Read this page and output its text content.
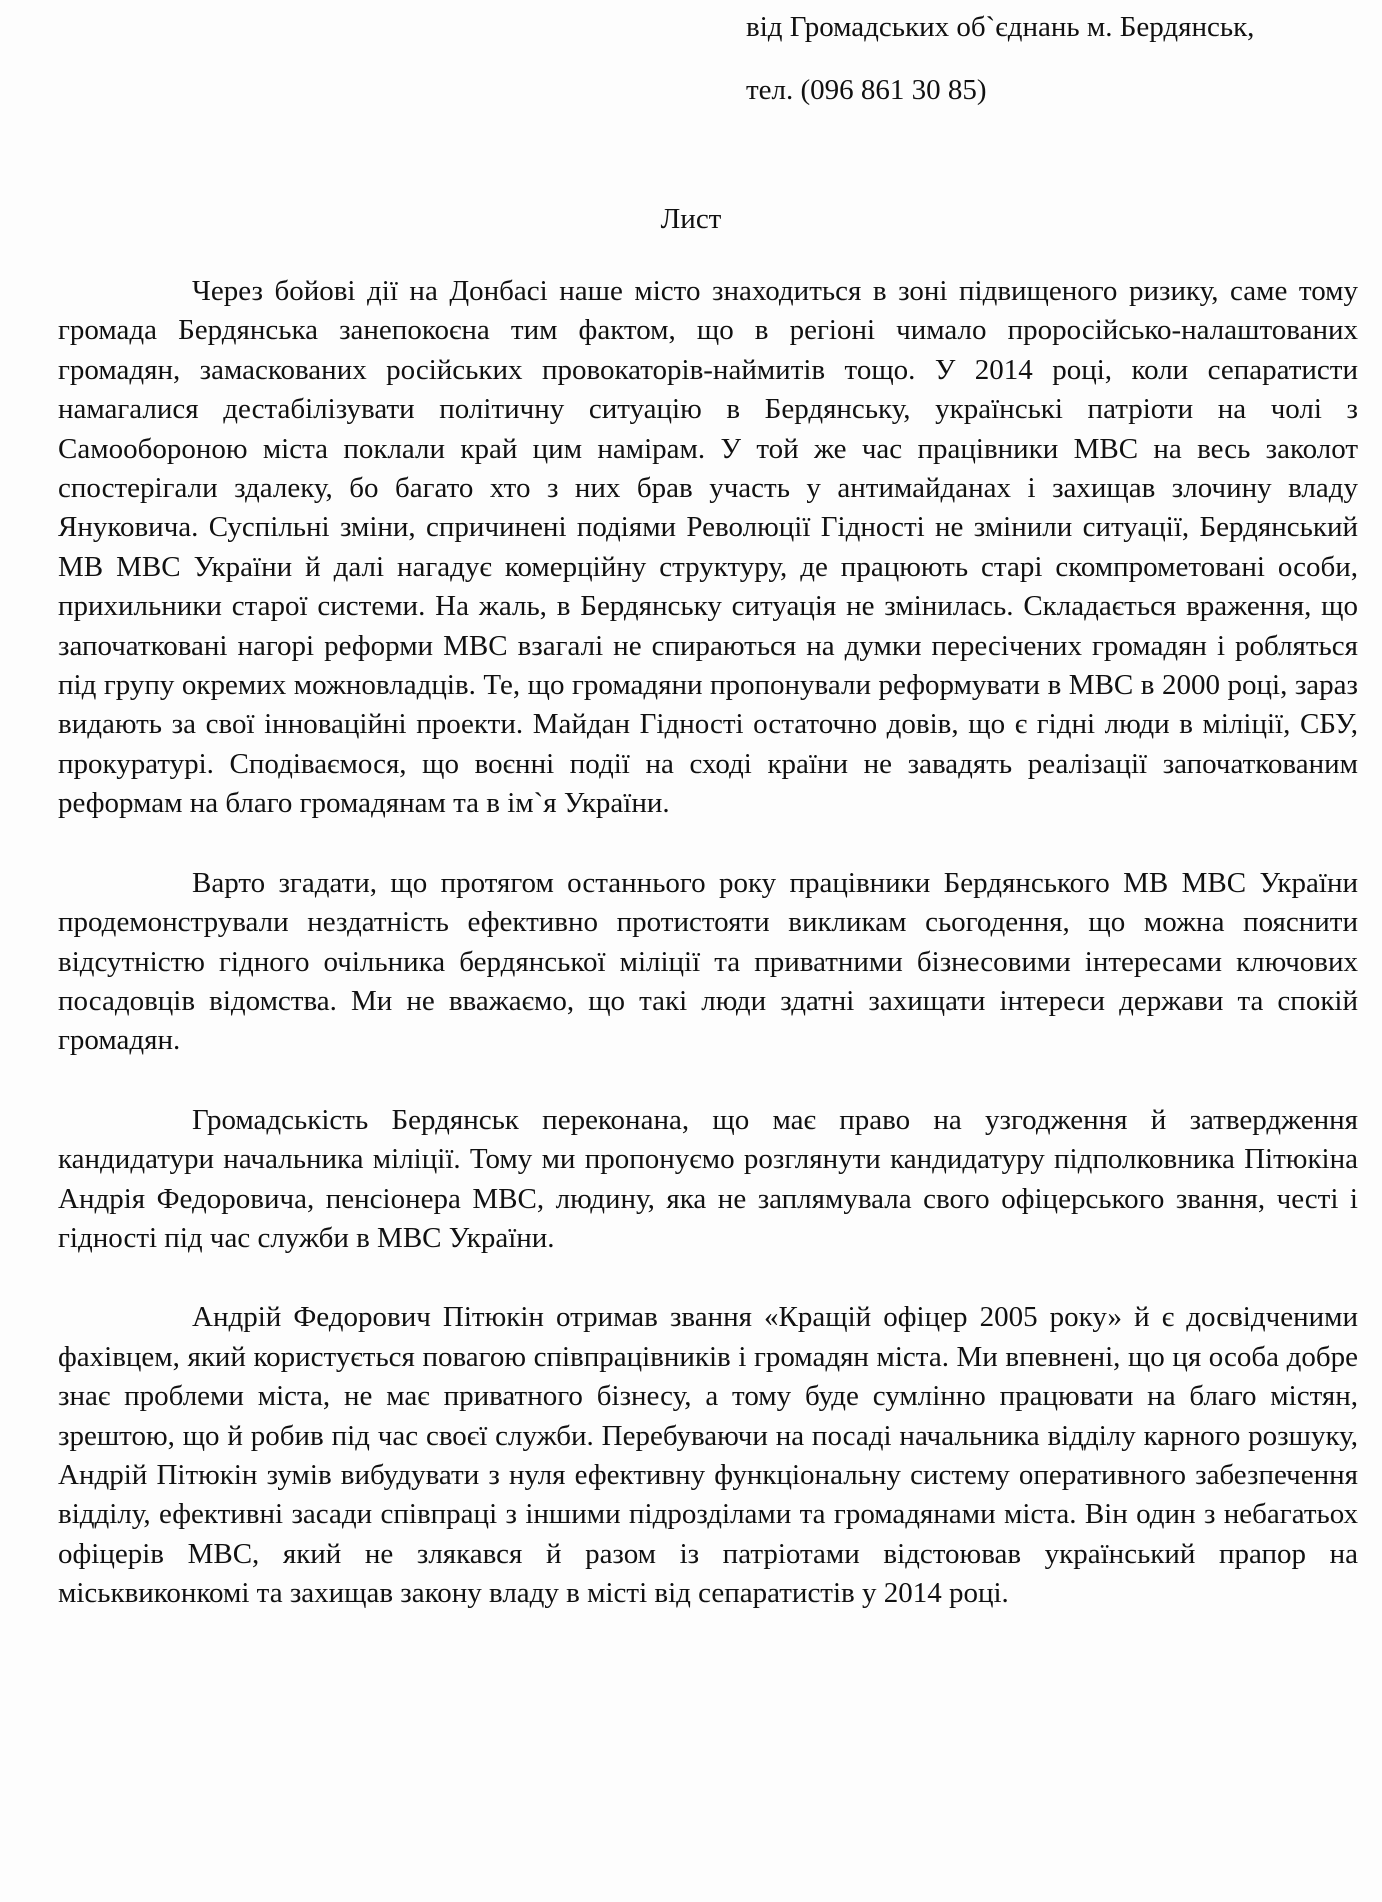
від Громадських об`єднань м. Бердянськ,
тел. (096 861 30 85)
Лист

Через бойові дії на Донбасі наше місто знаходиться в зоні підвищеного ризику, саме тому громада Бердянська занепокоєна тим фактом, що в регіоні чимало проросійсько-налаштованих громадян, замаскованих російських провокаторів-наймитів тощо. У 2014 році, коли сепаратисти намагалися дестабілізувати політичну ситуацію в Бердянську, українські патріоти на чолі з Самообороною міста поклали край цим намірам. У той же час працівники МВС на весь заколот спостерігали здалеку, бо багато хто з них брав участь у антимайданах і захищав злочину владу Януковича. Суспільні зміни, спричинені подіями Революції Гідності не змінили ситуації, Бердянський МВ МВС України й далі нагадує комерційну структуру, де працюють старі скомпрометовані особи, прихильники старої системи. На жаль, в Бердянську ситуація не змінилась. Складається враження, що започатковані нагорі реформи МВС взагалі не спираються на думки пересічених громадян і робляться під групу окремих можновладців. Те, що громадяни пропонували реформувати в МВС в 2000 році, зараз видають за свої інноваційні проекти. Майдан Гідності остаточно довів, що є гідні люди в міліції, СБУ, прокуратурі. Сподіваємося, що воєнні події на сході країни не завадять реалізації започаткованим реформам на благо громадянам та в ім`я України.

Варто згадати, що протягом останнього року працівники Бердянського МВ МВС України продемонстрували нездатність ефективно протистояти викликам сьогодення, що можна пояснити відсутністю гідного очільника бердянської міліції та приватними бізнесовими інтересами ключових посадовців відомства. Ми не вважаємо, що такі люди здатні захищати інтереси держави та спокій громадян.

Громадськість Бердянськ переконана, що має право на узгодження й затвердження кандидатури начальника міліції. Тому ми пропонуємо розглянути кандидатуру підполковника Пітюкіна Андрія Федоровича, пенсіонера МВС, людину, яка не заплямувала свого офіцерського звання, честі і гідності під час служби в МВС України.

Андрій Федорович Пітюкін отримав звання «Кращій офіцер 2005 року» й є досвідченими фахівцем, який користується повагою співпрацівників і громадян міста. Ми впевнені, що ця особа добре знає проблеми міста, не має приватного бізнесу, а тому буде сумлінно працювати на благо містян, зрештою, що й робив під час своєї служби. Перебуваючи на посаді начальника відділу карного розшуку, Андрій Пітюкін зумів вибудувати з нуля ефективну функціональну систему оперативного забезпечення відділу, ефективні засади співпраці з іншими підрозділами та громадянами міста. Він один з небагатьох офіцерів МВС, який не злякався й разом із патріотами відстоював український прапор на міськвиконкомі та захищав закону владу в місті від сепаратистів у 2014 році.
